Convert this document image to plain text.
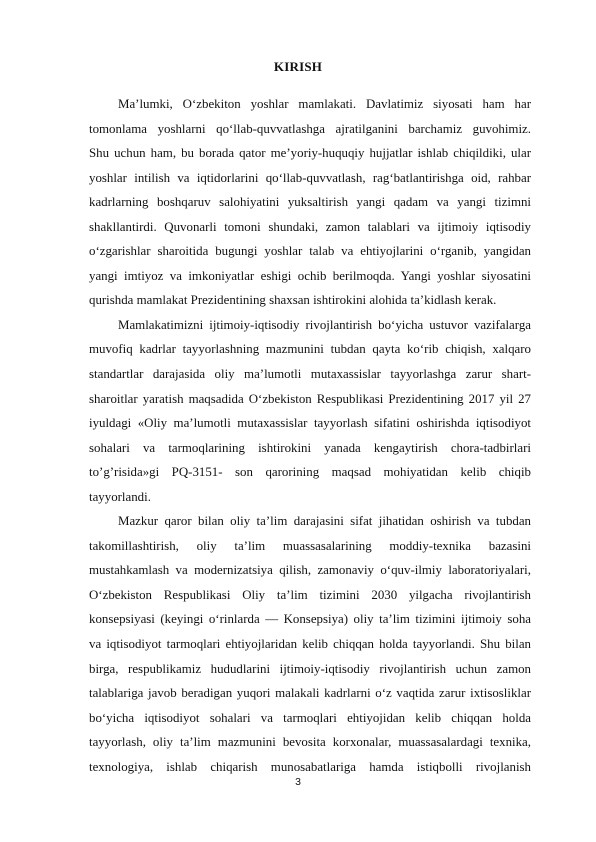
KIRISH
Ma’lumki, O‘zbekiton yoshlar mamlakati. Davlatimiz siyosati ham har
tomonlama yoshlarni qo‘llab-quvvatlashga ajratilganini barchamiz guvohimiz.
Shu uchun ham, bu borada qator me’yoriy-huquqiy hujjatlar ishlab chiqildiki, ular
yoshlar intilish va iqtidorlarini qo‘llab-quvvatlash, rag‘batlantirishga oid, rahbar
kadrlarning boshqaruv salohiyatini yuksaltirish yangi qadam va yangi tizimni
shakllantirdi. Quvonarli tomoni shundaki, zamon talablari va ijtimoiy iqtisodiy
o‘zgarishlar sharoitida bugungi yoshlar talab va ehtiyojlarini o‘rganib, yangidan
yangi imtiyoz va imkoniyatlar eshigi ochib berilmoqda. Yangi yoshlar siyosatini
qurishda mamlakat Prezidentining shaxsan ishtirokini alohida ta’kidlash kerak.
Mamlakatimizni ijtimoiy-iqtisodiy rivojlantirish bo‘yicha ustuvor vazifalarga
muvofiq kadrlar tayyorlashning mazmunini tubdan qayta ko‘rib chiqish, xalqaro
standartlar darajasida oliy ma’lumotli mutaxassislar tayyorlashga zarur shart-
sharoitlar yaratish maqsadida O‘zbekiston Respublikasi Prezidentining 2017 yil 27
iyuldagi «Oliy ma’lumotli mutaxassislar tayyorlash sifatini oshirishda iqtisodiyot
sohalari va tarmoqlarining ishtirokini yanada kengaytirish chora-tadbirlari
to’g’risida»gi PQ-3151- son qarorining maqsad mohiyatidan kelib chiqib
tayyorlandi.
Mazkur qaror bilan oliy ta’lim darajasini sifat jihatidan oshirish va tubdan
takomillashtirish, oliy ta’lim muassasalarining moddiy-texnika bazasini
mustahkamlash va modernizatsiya qilish, zamonaviy o‘quv-ilmiy laboratoriyalari,
O‘zbekiston Respublikasi Oliy ta’lim tizimini 2030 yilgacha rivojlantirish
konsepsiyasi (keyingi o‘rinlarda — Konsepsiya) oliy ta’lim tizimini ijtimoiy soha
va iqtisodiyot tarmoqlari ehtiyojlaridan kelib chiqqan holda tayyorlandi. Shu bilan
birga, respublikamiz hududlarini ijtimoiy-iqtisodiy rivojlantirish uchun zamon
talablariga javob beradigan yuqori malakali kadrlarni o‘z vaqtida zarur ixtisosliklar
bo‘yicha iqtisodiyot sohalari va tarmoqlari ehtiyojidan kelib chiqqan holda
tayyorlash, oliy ta’lim mazmunini bevosita korxonalar, muassasalardagi texnika,
texnologiya, ishlab chiqarish munosabatlariga hamda istiqbolli rivojlanish
3
